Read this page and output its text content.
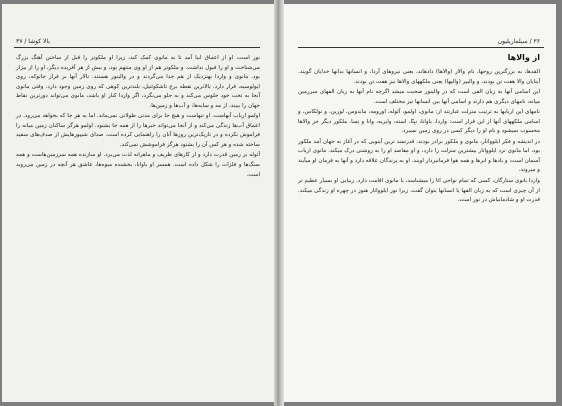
بالا کوشا / ۳۷

نور است، او از اعماق ابیا آمد تا به مانوی کمک کند، زیرا او ملکوتر را قبل از ساختن آهنگ بزرگ می‌شناخت و او را قبول نداشت. و ملکوتر هم از او وی منتهم بود، و بیش از هر آفریده دیگر، او را از بیزار بود. مانوی و واردا بهنزدیک از هم جدا می‌گردند و در والینور هستند. تالار آنها بر فراز جاتوکه، روی ایولوسیه، قرار دارد. بالاترین نقطه برج تاشکوئتیل، بلندترین کوهی که روی زمین وجود دارد. وقتی مانوی آنجا به تخت خود جلوس می‌کند و به جلو می‌نگرد، اگر واردا کنار او باشد، مانوی می‌تواند دورترین نقاط جهان را ببیند، از مه و سایه‌ها، و آب‌ها و زمین‌ها.

اولمو ارباب آبهاست. او تنهاست و هیچ جا برای مدتی طولانی نمی‌ماند. اما به هر جا که بخواهد می‌رود. در اعماق آب‌ها زندگی می‌کند و از آنجا می‌تواند خبرها را از همه جا بشنود. اولمو هرگز ساکنان زمین میانه را فراموش نکرده و در تاریک‌ترین روزها آنان را راهنمایی کرده است. صدای شیپورهایش از صدف‌های سفید ساخته شده و هر کس آن را بشنود هرگز فراموشش نمی‌کند.

آئوله بر زمین قدرت دارد و از کارهای ظریف و ماهرانه لذت می‌برد. او سازنده همه سرزمین‌هاست و همه سنگ‌ها و فلزات را شکل داده است. همسر او یاوانا، بخشنده میوه‌ها، عاشق هر آنچه در زمین می‌روید است.

۳۶ / سیلماریلیون
از والاها

الفدها، به بزرگترین روحها، نام والار (والاها) دادهاند، یعنی نیروهای آردا، و انسانها بدانها خدایان گویند. آینایان والا هفت تن بودند، و والییر (والیها) یعنی ملکههای والاها نیز هفت تن بودند.

این اسامی آنها به زبان الفی است که در والینور صحبت میشد اگرچه نام آنها به زبان الفهای سرزمین میانه، نامهای دیگری هم دارند و اسامی آنها بین انسانها نیز مختلف است.

نامهای این اربابها به ترتیب منزلت عبارتند از: مانوی، اولمو، آئوله، اورومه، ماندوس، لورین، و تولکاس، و اسامی ملکههای آنها از این قرار است: واردا، یاوانا، نیِنّا، استه، وایریه، وانا و نِسا. ملکور دیگر جز والاها محسوب نمیشود و نام او را دیگر کسی در روی زمین نمیبرد.

در اندیشه و فکر ایلوواتار، مانوی و ملکور برادر بودند. قدرتمند ترین آینویی که در آغاز به جهان آمد ملکور بود، اما مانوی نزد ایلوواتار بیشترین منزلت را دارد، و او مقاصد او را به روشنی درک میکند. مانوی ارباب آسمان است، و بادها و ابرها و همه هوا فرمانبردار اویند. او به پرندگان علاقه دارد و آنها به فرمان او میآیند و میروند.

واردا بانوی ستارگان، کسی که تمام نواحی ائا را میشناسد، با مانوی اقامت دارد. زیبایی او بسیار عظیم تر از آن چیزی است که به زبان الفها یا انسانها بتوان گفت، زیرا نور ایلوواتار هنوز در چهره او زندگی میکند. قدرت او و شادمانیاش در نور است.
